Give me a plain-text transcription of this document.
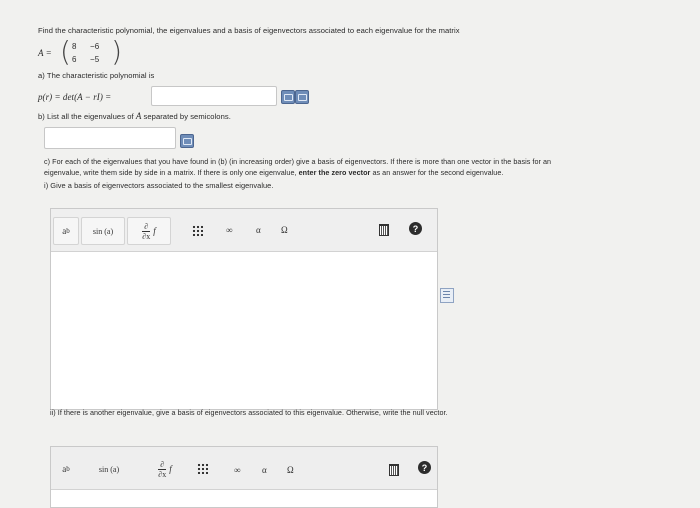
Find the characteristic polynomial, the eigenvalues and a basis of eigenvectors associated to each eigenvalue for the matrix
A = ( )
8 −6
6 −5
a) The characteristic polynomial is
p(r) = det(A − rI) =
b) List all the eigenvalues of A separated by semicolons.
c) For each of the eigenvalues that you have found in (b) (in increasing order) give a basis of eigenvectors. If there is more than one vector in the basis for an
eigenvalue, write them side by side in a matrix. If there is only one eigenvalue, enter the zero vector as an answer for the second eigenvalue.
i) Give a basis of eigenvectors associated to the smallest eigenvalue.
a b	sin (a)
∂
∂x f	∞	α Ω	?
ii) If there is another eigenvalue, give a basis of eigenvectors associated to this eigenvalue. Otherwise, write the null vector.
a b	sin (a)
∂
∂x f	∞ α Ω	?
